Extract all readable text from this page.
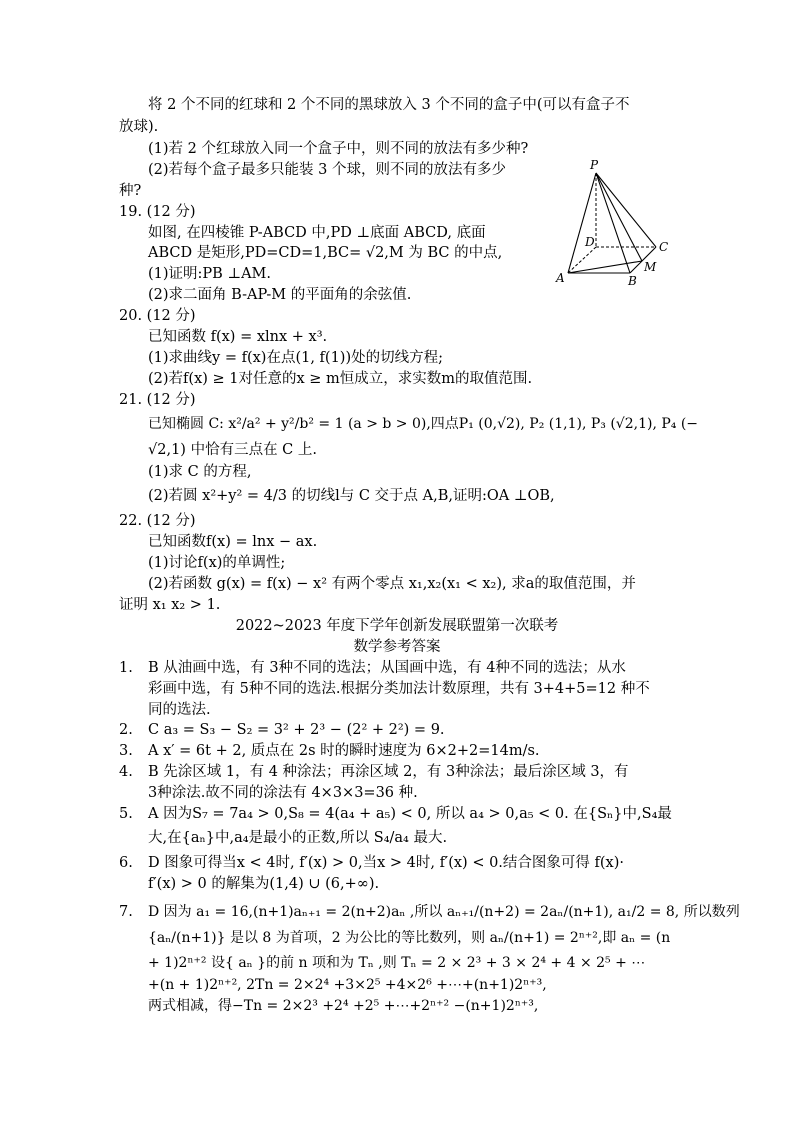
将 2 个不同的红球和 2 个不同的黑球放入 3 个不同的盒子中(可以有盒子不
放球).
(1)若 2 个红球放入同一个盒子中，则不同的放法有多少种?
(2)若每个盒子最多只能装 3 个球，则不同的放法有多少
种?
19. (12 分)
如图, 在四棱锥 P-ABCD 中,PD ⊥底面 ABCD, 底面
ABCD 是矩形,PD=CD=1,BC= √2,M 为 BC 的中点,
(1)证明:PB ⊥AM.
(2)求二面角 B-AP-M 的平面角的余弦值.
P
D	C
A	B
M
20. (12 分)
已知函数 f(x) = xlnx + x³.
(1)求曲线y = f(x)在点(1, f(1))处的切线方程;
(2)若f(x) ≥ 1对任意的x ≥ m恒成立，求实数m的取值范围.
21. (12 分)
已知椭圆 C: x²/a² + y²/b² = 1 (a > b > 0),四点P₁ (0,√2), P₂ (1,1), P₃ (√2,1), P₄ (−
√2,1) 中恰有三点在 C 上.
(1)求 C 的方程,
(2)若圆 x²+y² = 4/3 的切线l与 C 交于点 A,B,证明:OA ⊥OB,
22. (12 分)
已知函数f(x) = lnx − ax.
(1)讨论f(x)的单调性;
(2)若函数 g(x) = f(x) − x² 有两个零点 x₁,x₂(x₁ < x₂), 求a的取值范围，并
证明 x₁ x₂ > 1.
2022~2023 年度下学年创新发展联盟第一次联考
数学参考答案
1. B 从油画中选，有 3种不同的选法；从国画中选，有 4种不同的选法；从水
彩画中选，有 5种不同的选法.根据分类加法计数原理，共有 3+4+5=12 种不
同的选法.
2. C a₃ = S₃ − S₂ = 3² + 2³ − (2² + 2²) = 9.
3. A x′ = 6t + 2, 质点在 2s 时的瞬时速度为 6×2+2=14m/s.
4. B 先涂区域 1，有 4 种涂法；再涂区域 2，有 3种涂法；最后涂区域 3，有
3种涂法.故不同的涂法有 4×3×3=36 种.
5. A 因为S₇ = 7a₄ > 0,S₈ = 4(a₄ + a₅) < 0, 所以 a₄ > 0,a₅ < 0. 在{Sₙ}中,S₄最
大,在{aₙ}中,a₄是最小的正数,所以 S₄/a₄ 最大.
6. D 图象可得当x < 4时, f′(x) > 0,当x > 4时, f′(x) < 0.结合图象可得 f(x)·
f′(x) > 0 的解集为(1,4) ∪ (6,+∞).
7. D 因为 a₁ = 16,(n+1)aₙ₊₁ = 2(n+2)aₙ ,所以 aₙ₊₁/(n+2) = 2aₙ/(n+1), a₁/2 = 8, 所以数列
{aₙ/(n+1)} 是以 8 为首项，2 为公比的等比数列，则 aₙ/(n+1) = 2ⁿ⁺²,即 aₙ = (n
+ 1)2ⁿ⁺² 设{ aₙ }的前 n 项和为 Tₙ ,则 Tₙ = 2 × 2³ + 3 × 2⁴ + 4 × 2⁵ + ⋯
+(n + 1)2ⁿ⁺², 2Tn = 2×2⁴ +3×2⁵ +4×2⁶ +⋯+(n+1)2ⁿ⁺³,
两式相减，得−Tn = 2×2³ +2⁴ +2⁵ +⋯+2ⁿ⁺² −(n+1)2ⁿ⁺³,
